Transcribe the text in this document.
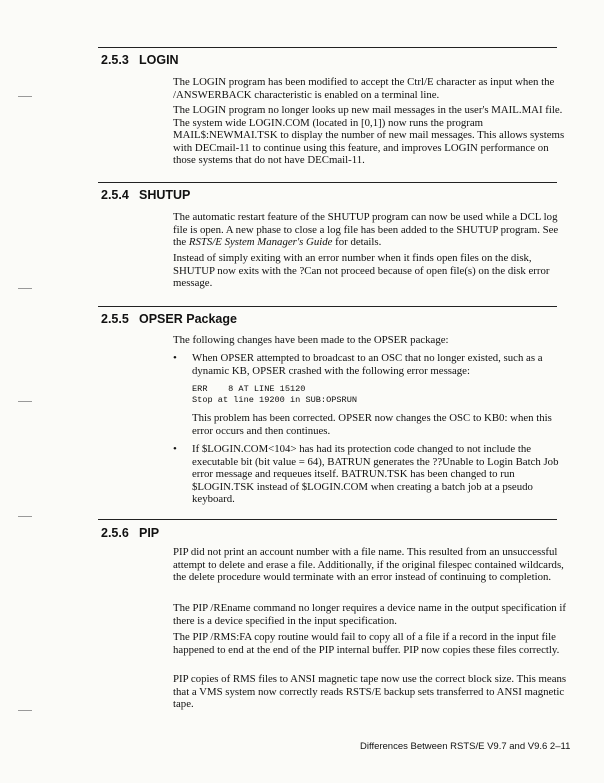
2.5.3 LOGIN

The LOGIN program has been modified to accept the Ctrl/E character as input when the /ANSWERBACK characteristic is enabled on a terminal line.

The LOGIN program no longer looks up new mail messages in the user's MAIL.MAI file. The system wide LOGIN.COM (located in [0,1]) now runs the program MAIL$:NEWMAI.TSK to display the number of new mail messages. This allows systems with DECmail-11 to continue using this feature, and improves LOGIN performance on those systems that do not have DECmail-11.

2.5.4 SHUTUP

The automatic restart feature of the SHUTUP program can now be used while a DCL log file is open. A new phase to close a log file has been added to the SHUTUP program. See the RSTS/E System Manager's Guide for details.

Instead of simply exiting with an error number when it finds open files on the disk, SHUTUP now exits with the ?Can not proceed because of open file(s) on the disk error message.

2.5.5 OPSER Package

The following changes have been made to the OPSER package:

• When OPSER attempted to broadcast to an OSC that no longer existed, such as a dynamic KB, OPSER crashed with the following error message:

ERR    8 AT LINE 15120
Stop at line 19200 in SUB:OPSRUN

This problem has been corrected. OPSER now changes the OSC to KB0: when this error occurs and then continues.

• If $LOGIN.COM<104> has had its protection code changed to not include the executable bit (bit value = 64), BATRUN generates the ??Unable to Login Batch Job error message and requeues itself. BATRUN.TSK has been changed to run $LOGIN.TSK instead of $LOGIN.COM when creating a batch job at a pseudo keyboard.

2.5.6 PIP

PIP did not print an account number with a file name. This resulted from an unsuccessful attempt to delete and erase a file. Additionally, if the original filespec contained wildcards, the delete procedure would terminate with an error instead of continuing to completion.

The PIP /REname command no longer requires a device name in the output specification if there is a device specified in the input specification.

The PIP /RMS:FA copy routine would fail to copy all of a file if a record in the input file happened to end at the end of the PIP internal buffer. PIP now copies these files correctly.

PIP copies of RMS files to ANSI magnetic tape now use the correct block size. This means that a VMS system now correctly reads RSTS/E backup sets transferred to ANSI magnetic tape.

Differences Between RSTS/E V9.7 and V9.6 2–11
